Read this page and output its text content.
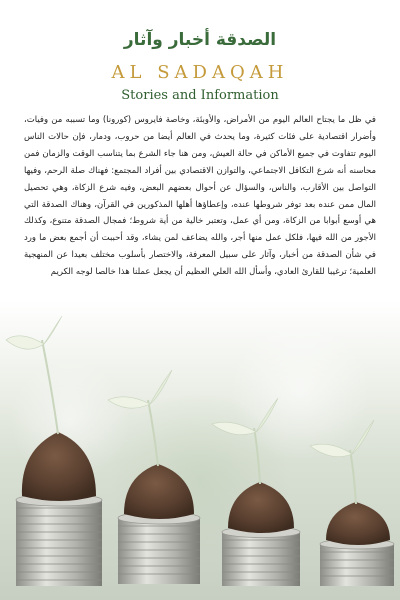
الصدقة أخبار وآثار
AL SADAQAH
Stories and Information
في ظل ما يجتاح العالم اليوم من الأمراض، والأوبئة، وخاصة فايروس (كورونا) وما تسببه من وفيات، وأضرار اقتصادية على فئات كثيرة، وما يحدث في العالم أيضا من حروب، ودمار، فإن حالات الناس اليوم تتفاوت في جميع الأماكن في حالة العيش، ومن هنا جاء الشرع بما يتناسب الوقت والزمان فمن محاسنه أنه شرع التكافل الاجتماعي، والتوازن الاقتصادي بين أفراد المجتمع: فهناك صلة الرحم، وفيها التواصل بين الأقارب، والناس، والسؤال عن أحوال بعضهم البعض، وفيه شرع الزكاة، وهي تحصيل المال ممن عنده بعد توفر شروطها عنده، وإعطاؤها أهلها المذكورين في القرآن، وهناك الصدقة التي هي أوسع أبوابا من الزكاة، ومن أي عمل، وتعتبر خالية من أية شروط؛ فمجال الصدقة متنوع، وكذلك الأجور من الله فيها، فلكل عمل منها أجر، والله يضاعف لمن يشاء، وقد أحببت أن أجمع بعض ما ورد في شأن الصدقة من أخبار، وآثار على سبيل المعرفة، والاختصار بأسلوب مختلف بعيدا عن المنهجية العلمية؛ ترغيبا للقارئ العادي، وأسأل الله العلي العظيم أن يجعل عملنا هذا خالصا لوجه الكريم
